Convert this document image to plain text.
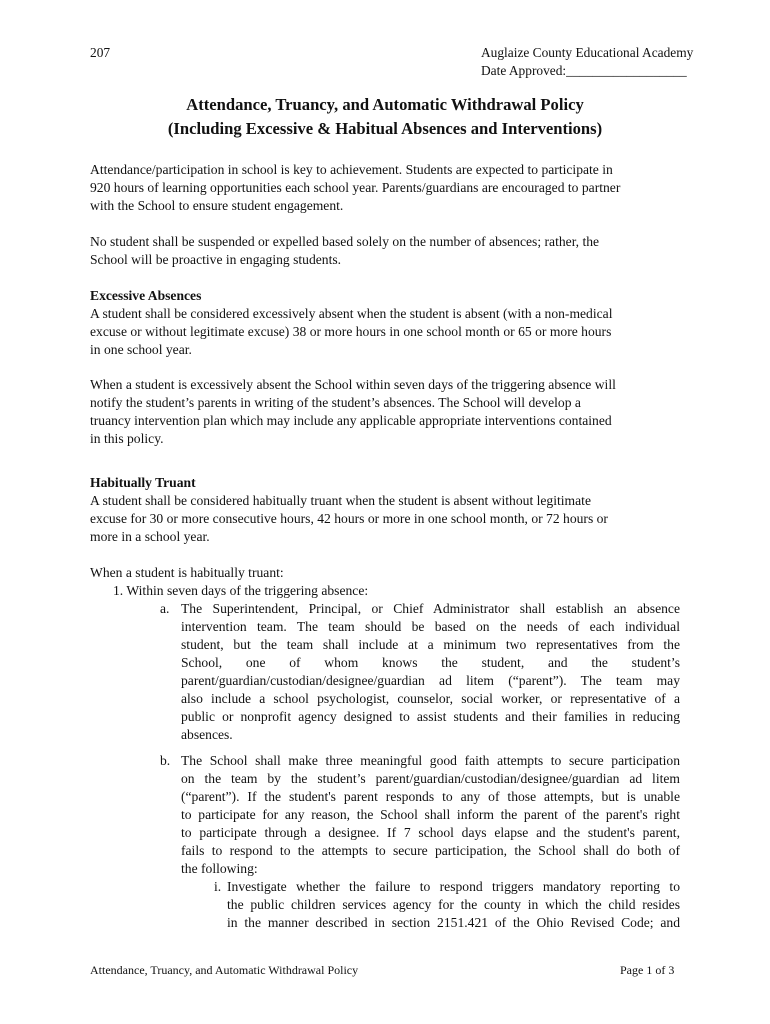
207	Auglaize County Educational Academy
Date Approved:__________________
Attendance, Truancy, and Automatic Withdrawal Policy
(Including Excessive & Habitual Absences and Interventions)
Attendance/participation in school is key to achievement. Students are expected to participate in
920 hours of learning opportunities each school year. Parents/guardians are encouraged to partner
with the School to ensure student engagement.
No student shall be suspended or expelled based solely on the number of absences; rather, the
School will be proactive in engaging students.
Excessive Absences
A student shall be considered excessively absent when the student is absent (with a non-medical
excuse or without legitimate excuse) 38 or more hours in one school month or 65 or more hours
in one school year.
When a student is excessively absent the School within seven days of the triggering absence will
notify the student’s parents in writing of the student’s absences. The School will develop a
truancy intervention plan which may include any applicable appropriate interventions contained
in this policy.
Habitually Truant
A student shall be considered habitually truant when the student is absent without legitimate
excuse for 30 or more consecutive hours, 42 hours or more in one school month, or 72 hours or
more in a school year.
When a student is habitually truant:
1. Within seven days of the triggering absence:
a. The Superintendent, Principal, or Chief Administrator shall establish an absence
intervention team. The team should be based on the needs of each individual
student, but the team shall include at a minimum two representatives from the
School, one of whom knows the student, and the student’s
parent/guardian/custodian/designee/guardian ad litem (“parent”). The team may
also include a school psychologist, counselor, social worker, or representative of a
public or nonprofit agency designed to assist students and their families in reducing
absences.
b. The School shall make three meaningful good faith attempts to secure participation
on the team by the student’s parent/guardian/custodian/designee/guardian ad litem
(“parent”). If the student's parent responds to any of those attempts, but is unable
to participate for any reason, the School shall inform the parent of the parent's right
to participate through a designee. If 7 school days elapse and the student's parent,
fails to respond to the attempts to secure participation, the School shall do both of
the following:
i. Investigate whether the failure to respond triggers mandatory reporting to
the public children services agency for the county in which the child resides
in the manner described in section 2151.421 of the Ohio Revised Code; and
Attendance, Truancy, and Automatic Withdrawal Policy	Page 1 of 3
